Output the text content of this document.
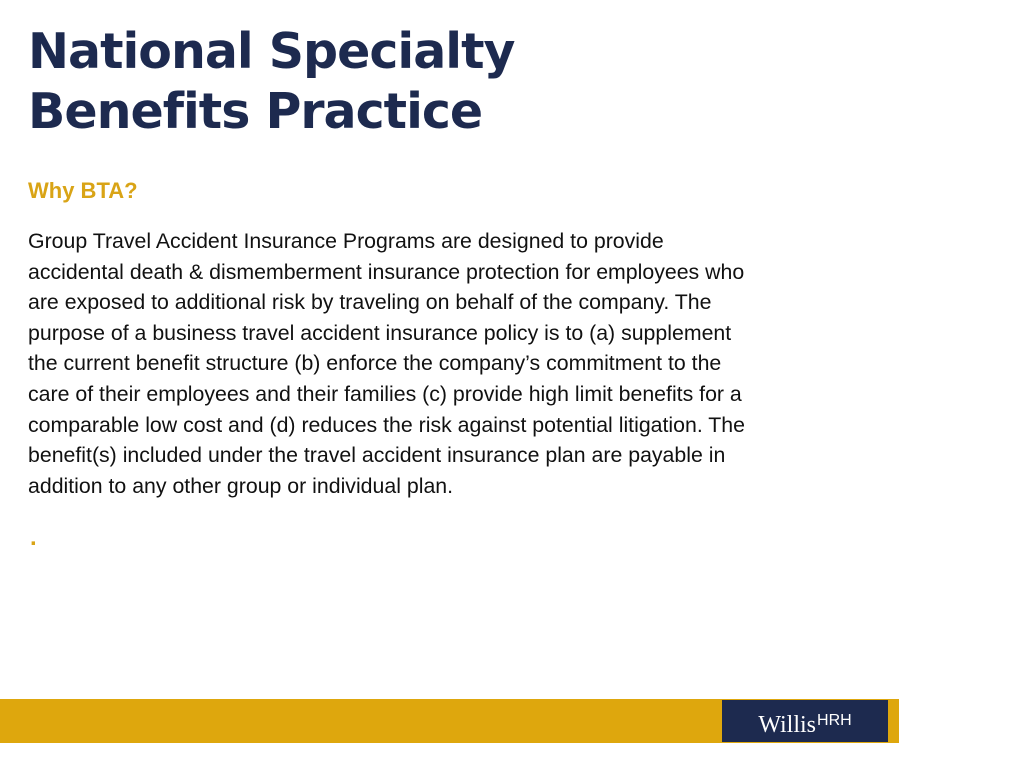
National Specialty
Benefits Practice

Why BTA?

Group Travel Accident Insurance Programs are designed to provide
accidental death & dismemberment insurance protection for employees who
are exposed to additional risk by traveling on behalf of the company. The
purpose of a business travel accident insurance policy is to (a) supplement
the current benefit structure (b) enforce the company’s commitment to the
care of their employees and their families (c) provide high limit benefits for a
comparable low cost and (d) reduces the risk against potential litigation. The
benefit(s) included under the travel accident insurance plan are payable in
addition to any other group or individual plan.

.

Willis$^{HRH}$
